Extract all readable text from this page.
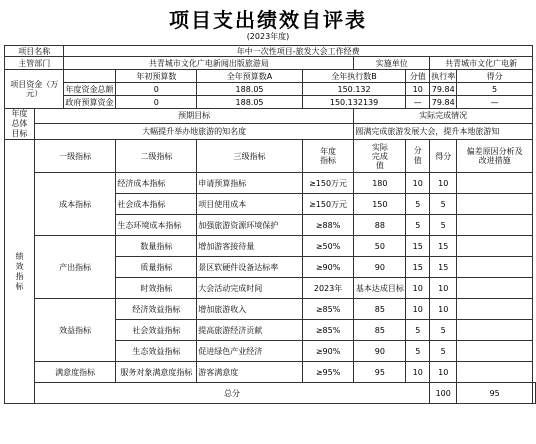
项目支出绩效自评表
(2023年度)
项目名称		年中一次性项目-旅发大会工作经费								
主管部门		共青城市文化广电新闻出版旅游局				实施单位		共青城市文化广电新		
项目资金（万元）			年初预算数	全年预算数A	全年执行数B		分值	执行率	得分	
		年度资金总额	0	188.05	150.132		10	79.84	5	
		政府预算资金	0	188.05	150.132139		—	79.84	—	
年度总体目标	预期目标					实际完成情况				
	大幅提升举办地旅游的知名度					圆满完成旅游发展大会，提升本地旅游知				
绩效指标	一级指标		二级指标	三级指标	年度指标	实际完成值	分值	得分	偏差原因分析及改进措施	
	成本指标		经济成本指标	申请预算指标	≥150万元	180	10	10		
			社会成本指标	项目使用成本	≥150万元	150	5	5		
			生态环境成本指标	加强旅游资源环境保护	≥88%	88	5	5		
	产出指标		数量指标	增加游客接待量	≥50%	50	15	15		
			质量指标	景区软硬件设备达标率	≥90%	90	15	15		
			时效指标	大会活动完成时间	2023年	基本达成目标	10	10		
	效益指标		经济效益指标	增加旅游收入	≥85%	85	10	10		
			社会效益指标	提高旅游经济贡献	≥85%	85	5	5		
			生态效益指标	促进绿色产业经济	≥90%	90	5	5		
	满意度指标		服务对象满意度指标	游客满意度	≥95%	95	10	10		
	总分							100	95	
